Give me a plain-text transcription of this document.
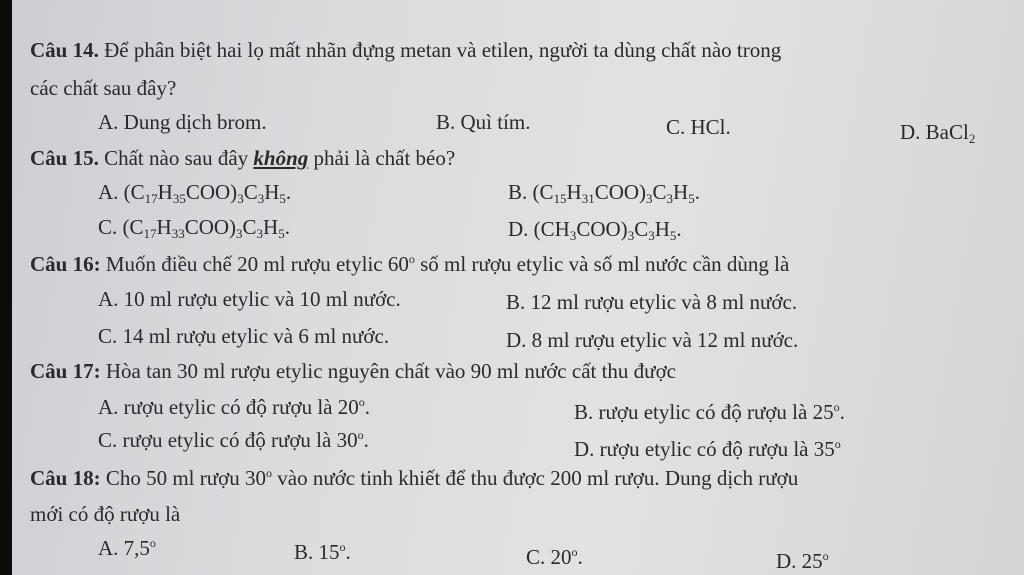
Câu 14. Để phân biệt hai lọ mất nhãn đựng metan và etilen, người ta dùng chất nào trong
các chất sau đây?
A. Dung dịch brom.	B. Quì tím.	C. HCl.	D. BaCl$_2$
Câu 15. Chất nào sau đây không phải là chất béo?
A. $(C_{17}H_{35}COO)_3C_3H_5$.	B. $(C_{15}H_{31}COO)_3C_3H_5$.
C. $(C_{17}H_{33}COO)_3C_3H_5$.	D. $(CH_3COO)_3C_3H_5$.
Câu 16: Muốn điều chế 20 ml rượu etylic 60$^o$ số ml rượu etylic và số ml nước cần dùng là
A. 10 ml rượu etylic và 10 ml nước.	B. 12 ml rượu etylic và 8 ml nước.
C. 14 ml rượu etylic và 6 ml nước.	D. 8 ml rượu etylic và 12 ml nước.
Câu 17: Hòa tan 30 ml rượu etylic nguyên chất vào 90 ml nước cất thu được
A. rượu etylic có độ rượu là 20$^o$.	B. rượu etylic có độ rượu là 25$^o$.
C. rượu etylic có độ rượu là 30$^o$.	D. rượu etylic có độ rượu là 35$^o$
Câu 18: Cho 50 ml rượu 30$^o$ vào nước tinh khiết để thu được 200 ml rượu. Dung dịch rượu
mới có độ rượu là
A. 7,5$^o$	B. 15$^o$.	C. 20$^o$.	D. 25$^o$
